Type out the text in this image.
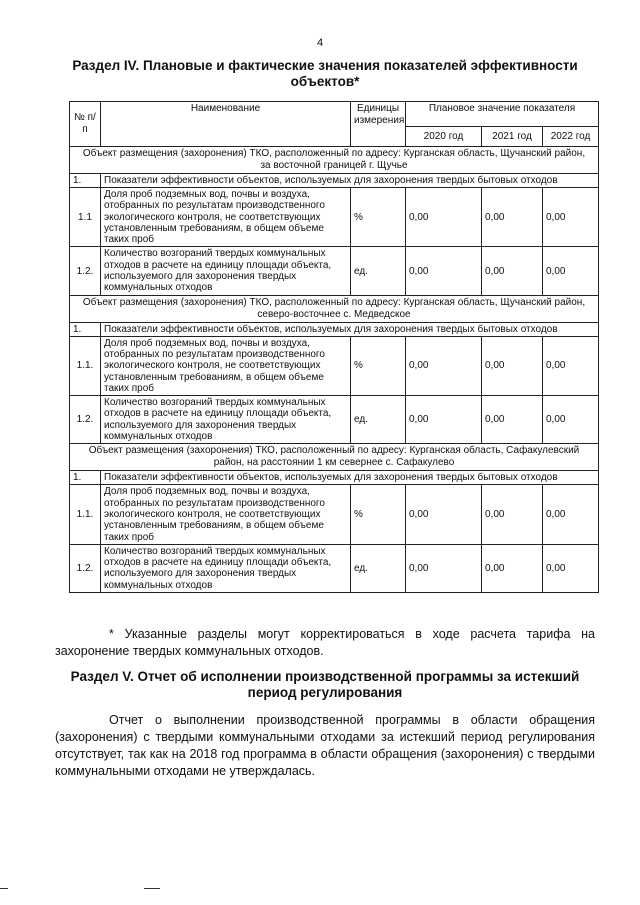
4
Раздел IV. Плановые и фактические значения показателей эффективности объектов*
№ п/п	Наименование	Единицы измерения	Плановое значение показателя		
			2020 год	2021 год	2022 год
Объект размещения (захоронения) ТКО, расположенный по адресу: Курганская область, Щучанский район, за восточной границей г. Щучье					
1.	Показатели эффективности объектов, используемых для захоронения твердых бытовых отходов				
1.1	Доля проб подземных вод, почвы и воздуха, отобранных по результатам производственного экологического контроля, не соответствующих установленным требованиям, в общем объеме таких проб	%	0,00	0,00	0,00
1.2.	Количество возгораний твердых коммунальных отходов в расчете на единицу площади объекта, используемого для захоронения твердых коммунальных отходов	ед.	0,00	0,00	0,00
Объект размещения (захоронения) ТКО, расположенный по адресу: Курганская область, Щучанский район, северо-восточнее с. Медведское					
1.	Показатели эффективности объектов, используемых для захоронения твердых бытовых отходов				
1.1.	Доля проб подземных вод, почвы и воздуха, отобранных по результатам производственного экологического контроля, не соответствующих установленным требованиям, в общем объеме таких проб	%	0,00	0,00	0,00
1.2.	Количество возгораний твердых коммунальных отходов в расчете на единицу площади объекта, используемого для захоронения твердых коммунальных отходов	ед.	0,00	0,00	0,00
Объект размещения (захоронения) ТКО, расположенный по адресу: Курганская область, Сафакулевский район, на расстоянии 1 км севернее с. Сафакулево					
1.	Показатели эффективности объектов, используемых для захоронения твердых бытовых отходов				
1.1.	Доля проб подземных вод, почвы и воздуха, отобранных по результатам производственного экологического контроля, не соответствующих установленным требованиям, в общем объеме таких проб	%	0,00	0,00	0,00
1.2.	Количество возгораний твердых коммунальных отходов в расчете на единицу площади объекта, используемого для захоронения твердых коммунальных отходов	ед.	0,00	0,00	0,00
* Указанные разделы могут корректироваться в ходе расчета тарифа на захоронение твердых коммунальных отходов.
Раздел V. Отчет об исполнении производственной программы за истекший период регулирования
Отчет о выполнении производственной программы в области обращения (захоронения) с твердыми коммунальными отходами за истекший период регулирования отсутствует, так как на 2018 год программа в области обращения (захоронения) с твердыми коммунальными отходами не утверждалась.
